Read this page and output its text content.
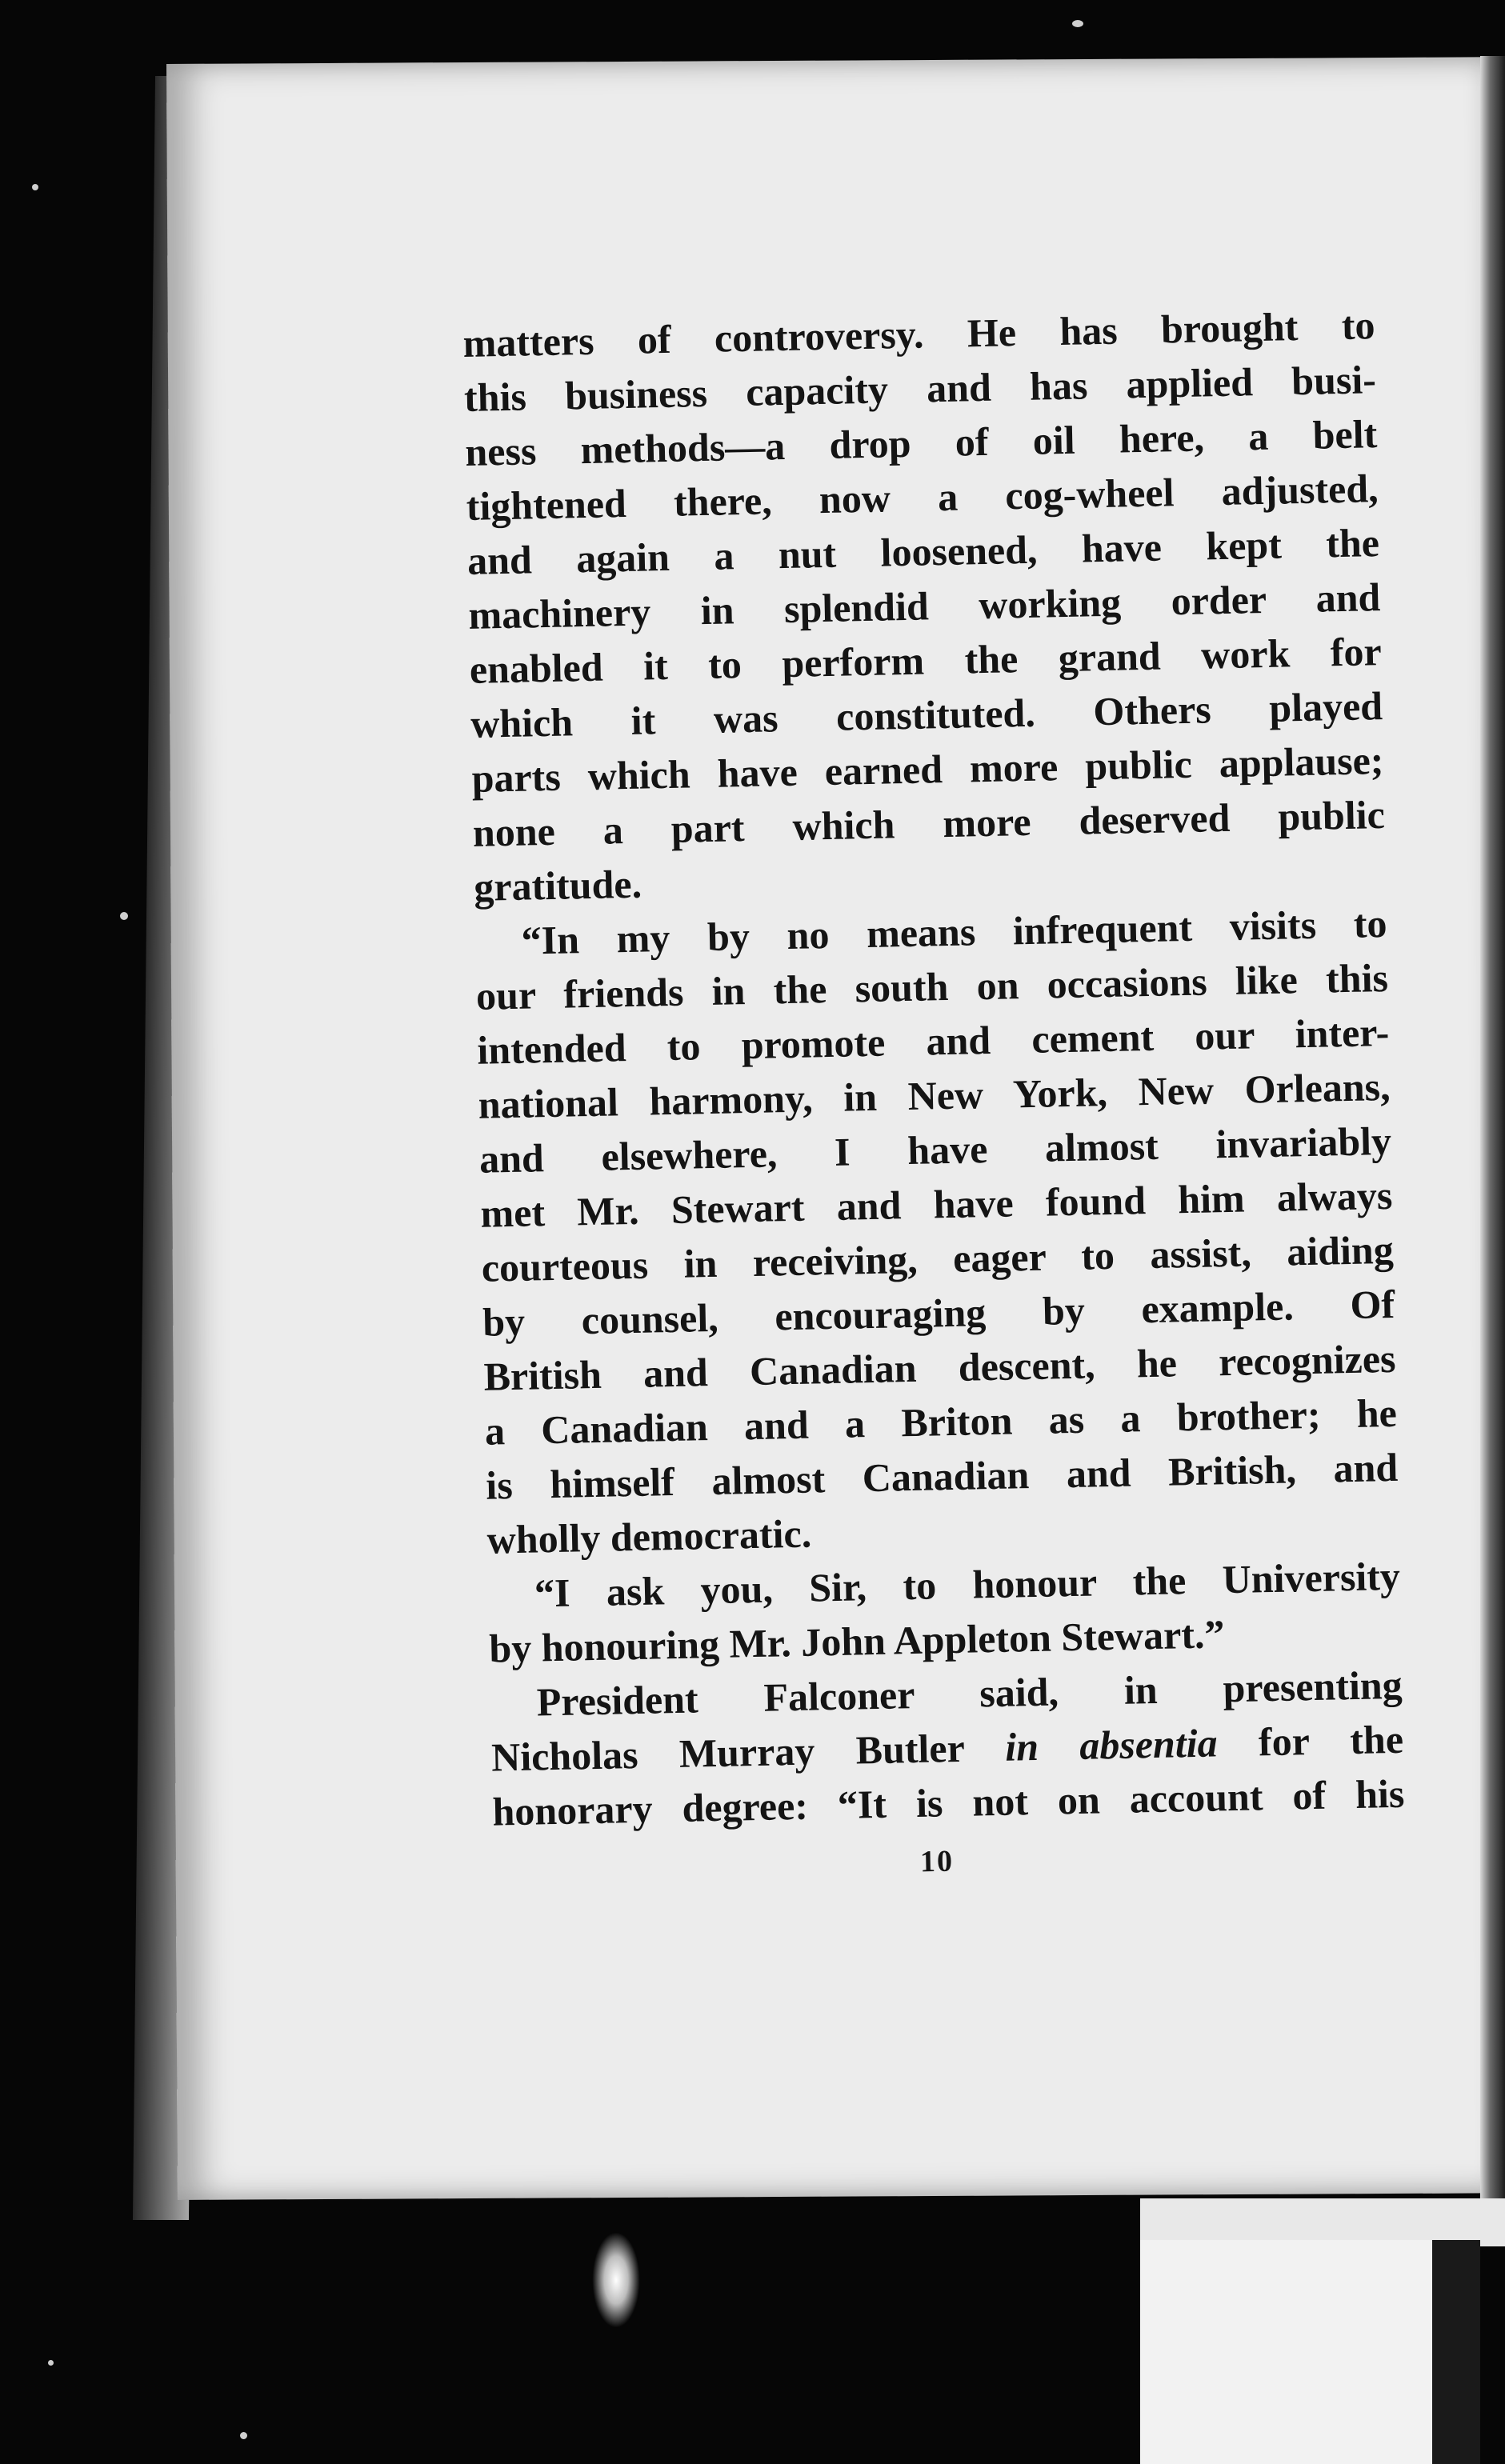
matters of controversy. He has brought to
this business capacity and has applied busi-
ness methods—a drop of oil here, a belt
tightened there, now a cog-wheel adjusted,
and again a nut loosened, have kept the
machinery in splendid working order and
enabled it to perform the grand work for
which it was constituted. Others played
parts which have earned more public applause;
none a part which more deserved public
gratitude.
“In my by no means infrequent visits to
our friends in the south on occasions like this
intended to promote and cement our inter-
national harmony, in New York, New Orleans,
and elsewhere, I have almost invariably
met Mr. Stewart and have found him always
courteous in receiving, eager to assist, aiding
by counsel, encouraging by example. Of
British and Canadian descent, he recognizes
a Canadian and a Briton as a brother; he
is himself almost Canadian and British, and
wholly democratic.
“I ask you, Sir, to honour the University
by honouring Mr. John Appleton Stewart.”
President Falconer said, in presenting
Nicholas Murray Butler in absentia for the
honorary degree: “It is not on account of his
10
